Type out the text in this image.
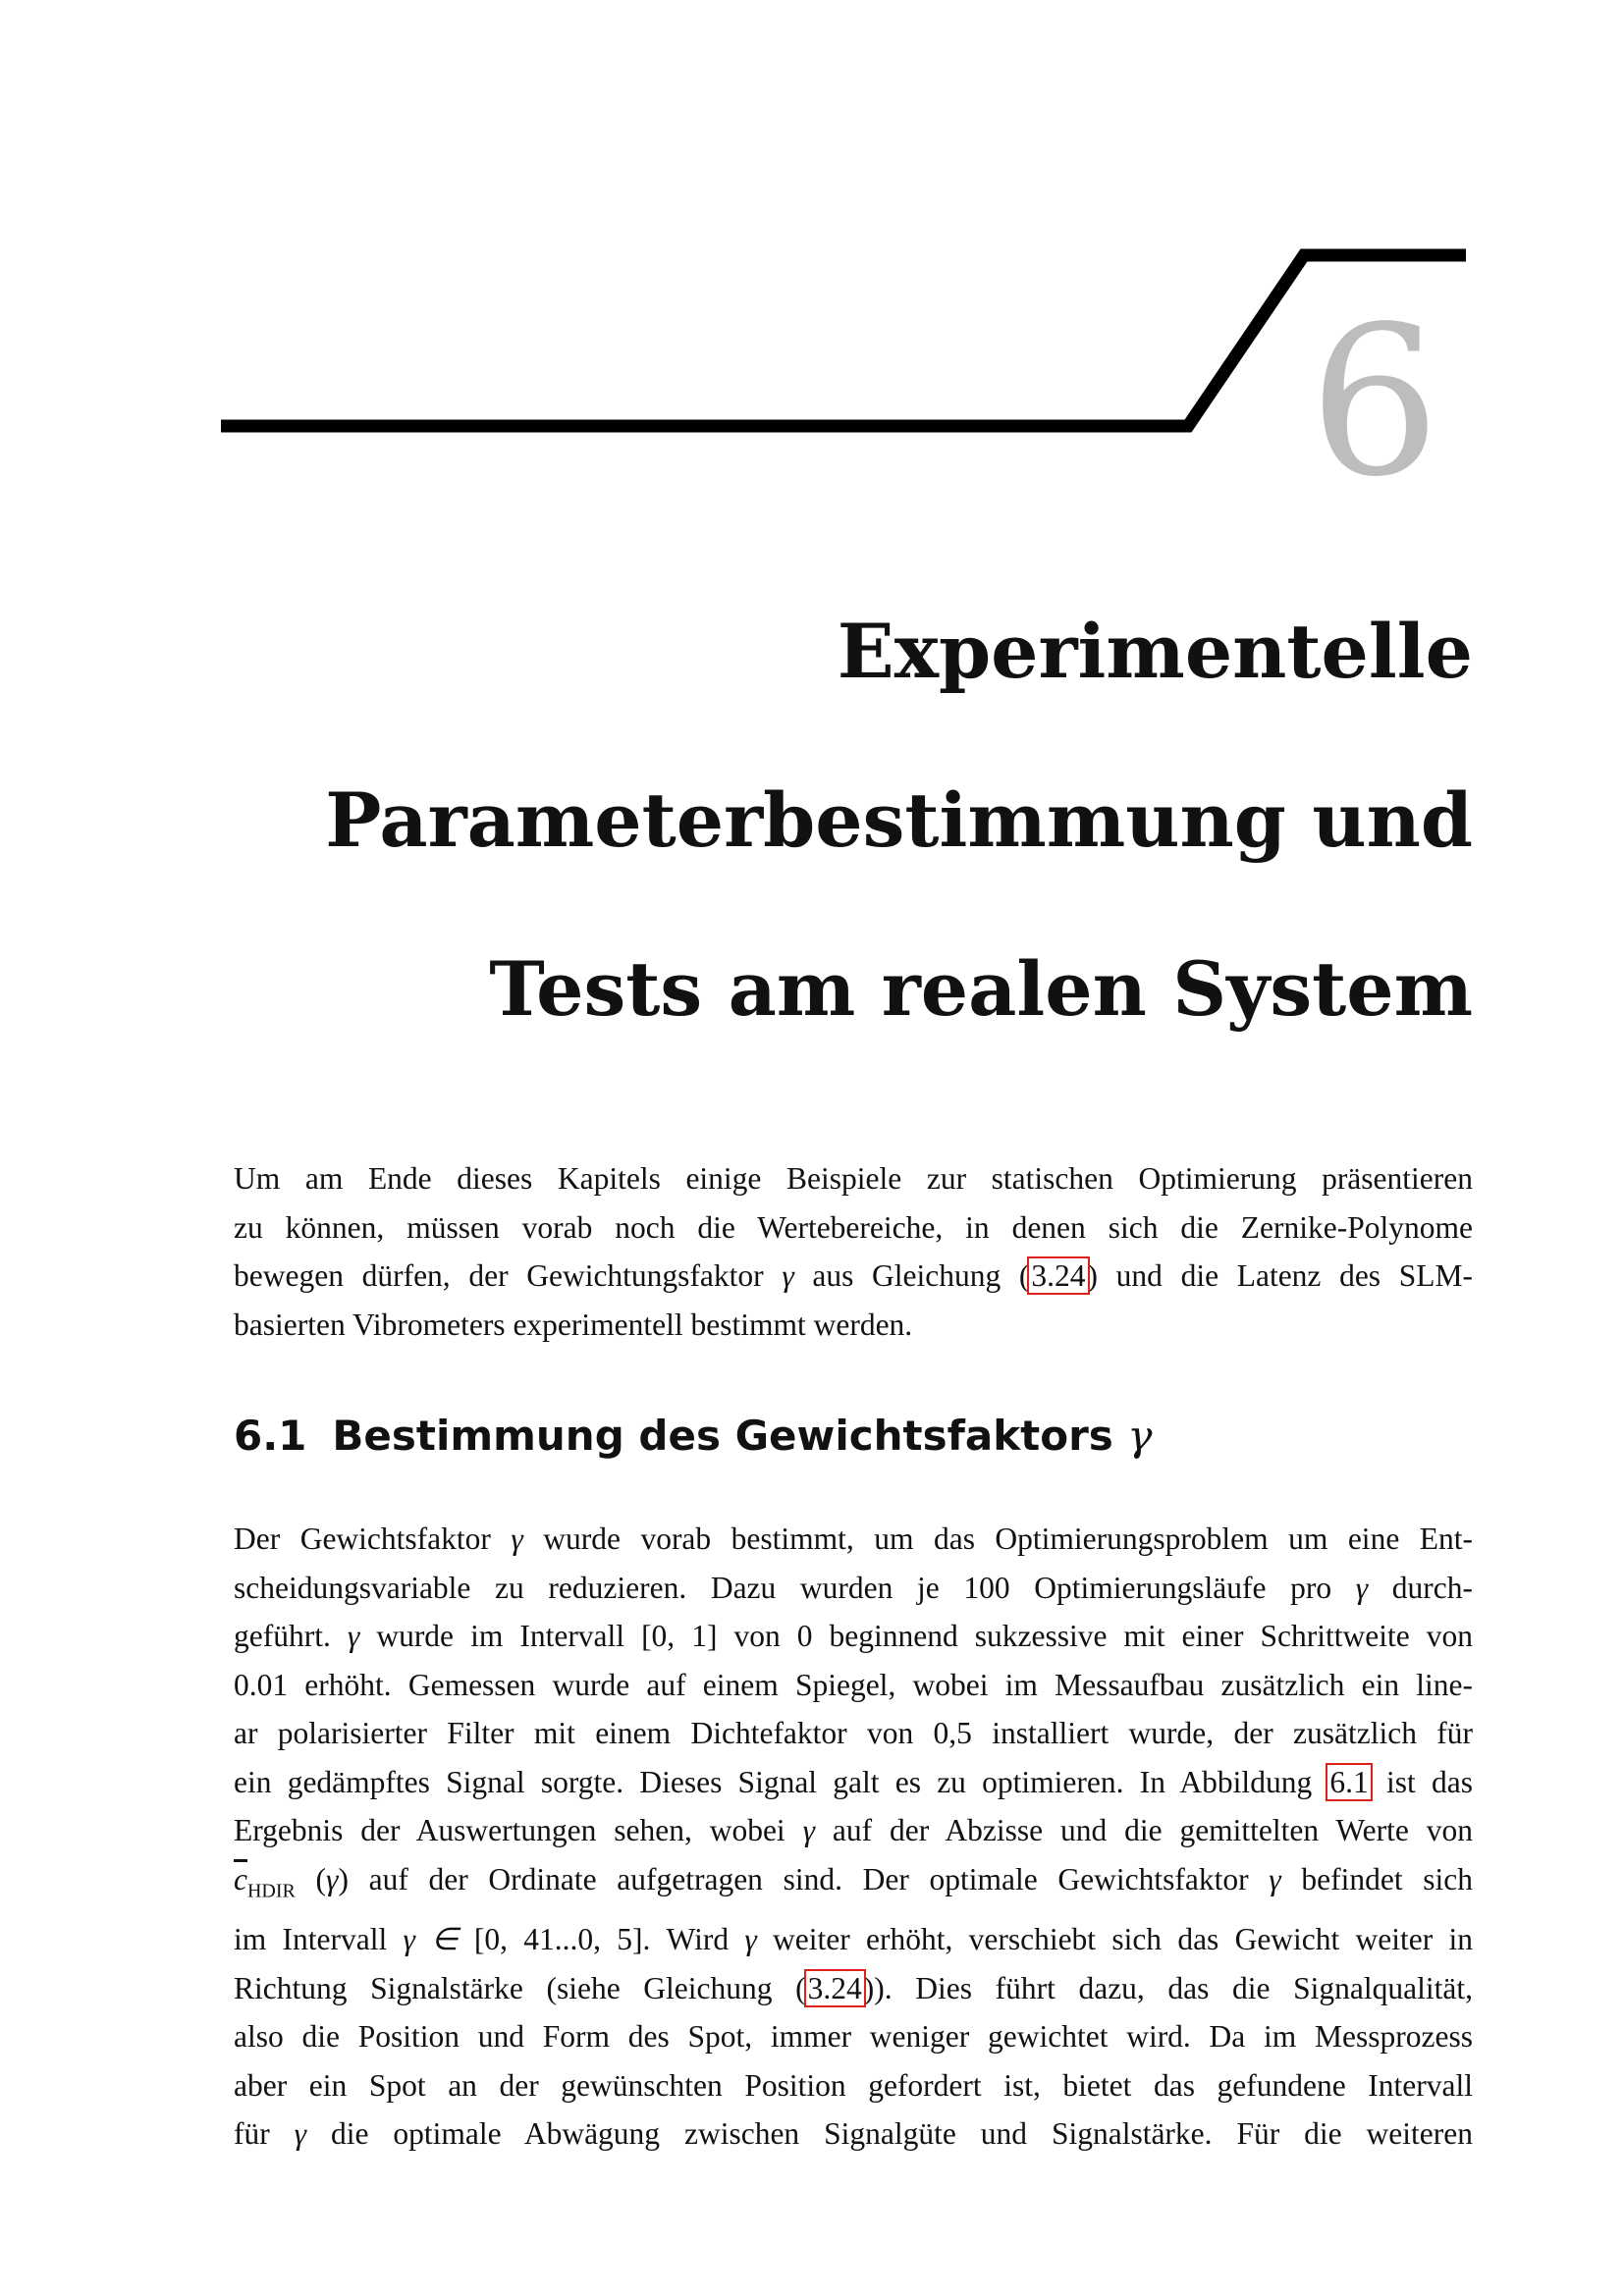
6
Experimentelle
Parameterbestimmung und
Tests am realen System
Um am Ende dieses Kapitels einige Beispiele zur statischen Optimierung präsentieren
zu können, müssen vorab noch die Wertebereiche, in denen sich die Zernike-Polynome
bewegen dürfen, der Gewichtungsfaktor γ aus Gleichung (3.24) und die Latenz des SLM-
basierten Vibrometers experimentell bestimmt werden.
6.1 Bestimmung des Gewichtsfaktors γ
Der Gewichtsfaktor γ wurde vorab bestimmt, um das Optimierungsproblem um eine Ent-
scheidungsvariable zu reduzieren. Dazu wurden je 100 Optimierungsläufe pro γ durch-
geführt. γ wurde im Intervall [0, 1] von 0 beginnend sukzessive mit einer Schrittweite von
0.01 erhöht. Gemessen wurde auf einem Spiegel, wobei im Messaufbau zusätzlich ein line-
ar polarisierter Filter mit einem Dichtefaktor von 0,5 installiert wurde, der zusätzlich für
ein gedämpftes Signal sorgte. Dieses Signal galt es zu optimieren. In Abbildung 6.1 ist das
Ergebnis der Auswertungen sehen, wobei γ auf der Abzisse und die gemittelten Werte von
$\overline{c}_{HDIR}$ (γ) auf der Ordinate aufgetragen sind. Der optimale Gewichtsfaktor γ befindet sich
im Intervall γ ∈ [0, 41...0, 5]. Wird γ weiter erhöht, verschiebt sich das Gewicht weiter in
Richtung Signalstärke (siehe Gleichung (3.24)). Dies führt dazu, das die Signalqualität,
also die Position und Form des Spot, immer weniger gewichtet wird. Da im Messprozess
aber ein Spot an der gewünschten Position gefordert ist, bietet das gefundene Intervall
für γ die optimale Abwägung zwischen Signalgüte und Signalstärke. Für die weiteren
